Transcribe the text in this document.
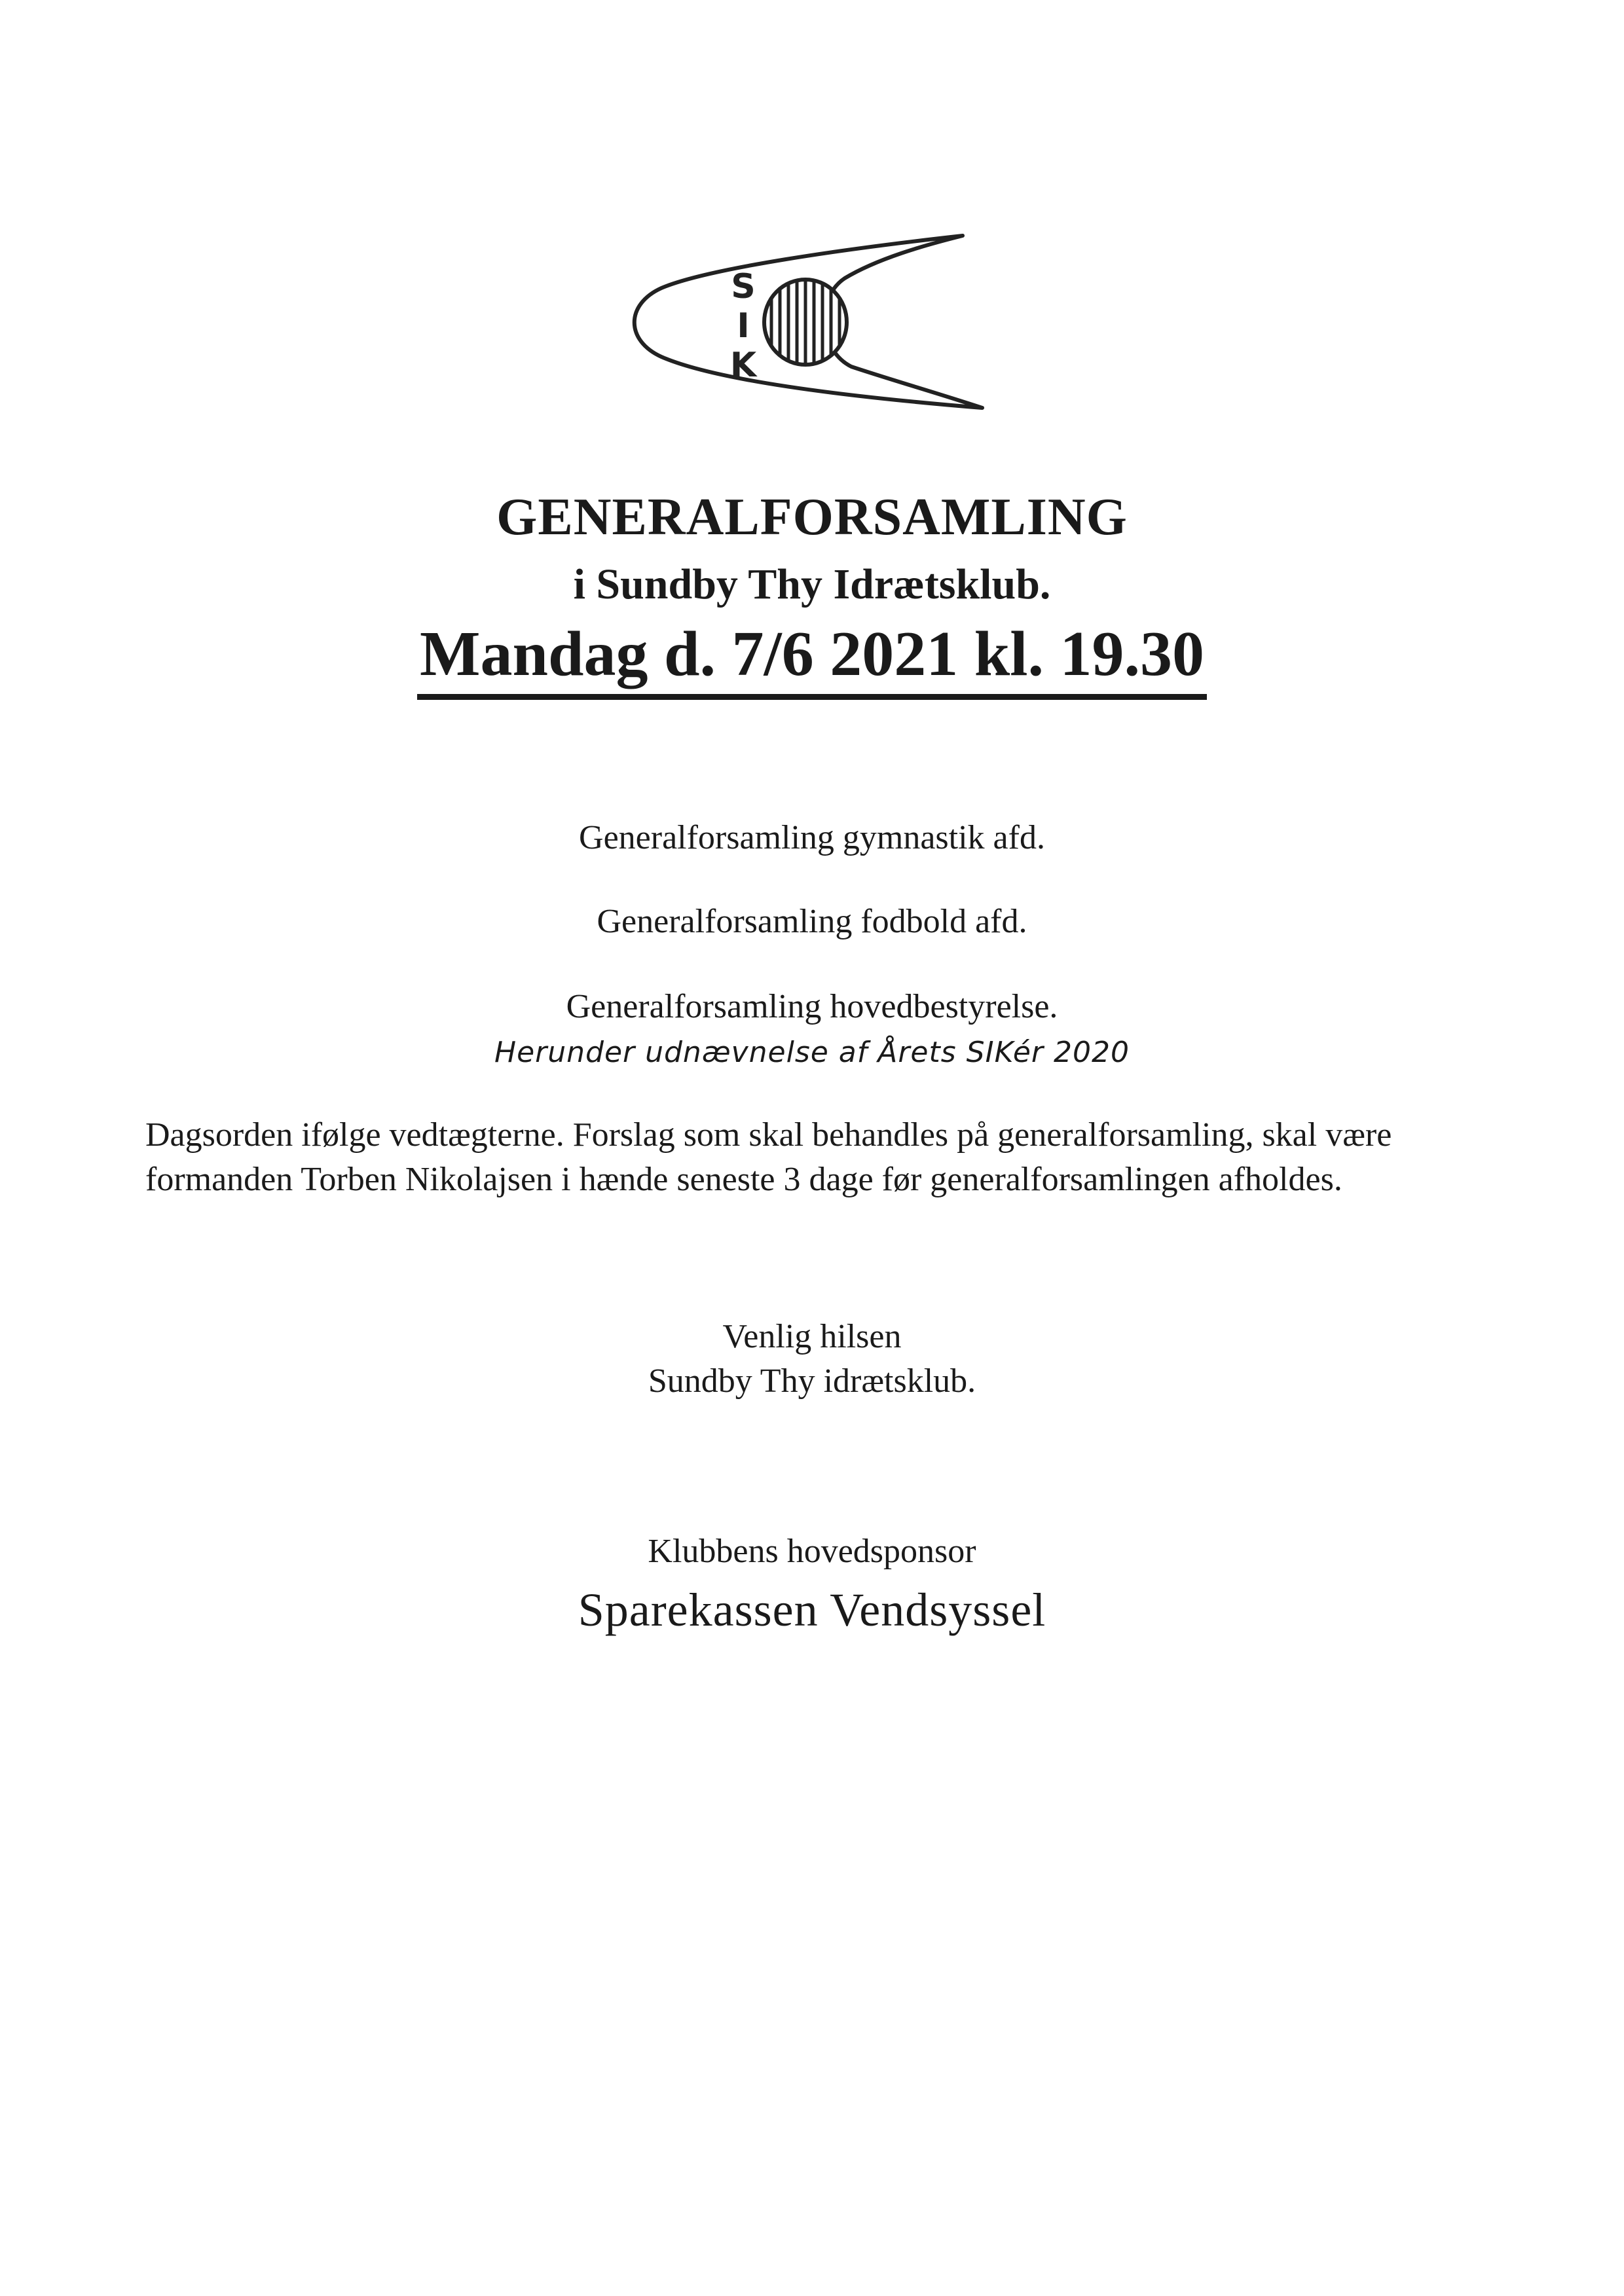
S
I
K
GENERALFORSAMLING
i Sundby Thy Idrætsklub.
Mandag d. 7/6 2021 kl. 19.30
Generalforsamling gymnastik afd.
Generalforsamling fodbold afd.
Generalforsamling hovedbestyrelse.
Herunder udnævnelse af Årets SIKér 2020
Dagsorden ifølge vedtægterne. Forslag som skal behandles på generalforsamling, skal være formanden Torben Nikolajsen i hænde seneste 3 dage før generalforsamlingen afholdes.
Venlig hilsen
Sundby Thy idrætsklub.
Klubbens hovedsponsor
Sparekassen Vendsyssel
